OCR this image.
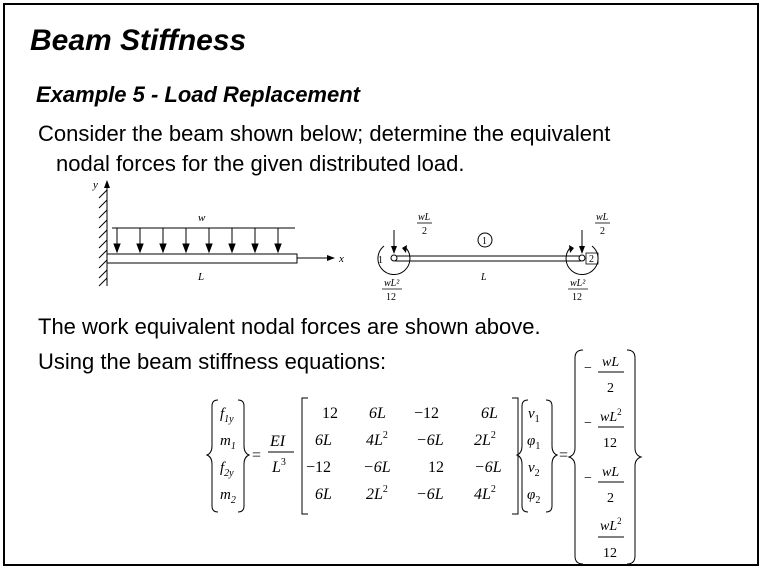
Beam Stiffness
Example 5 - Load Replacement
Consider the beam shown below; determine the equivalent
nodal forces for the given distributed load.
y
x
w
L
1	2
1
L
wL
2
wL
2
wL²
12
wL²
12
The work equivalent nodal forces are shown above.
Using the beam stiffness equations:
$f_{1y}$
$m_1$
$f_{2y}$
$m_2$
=
EI
$L^3$
12 6L −12	6L
6L $4L^2 -6L$ $2L^2$
−12 −6L 12 −6L
6L $2L^2 -6L$ $4L^2$
$v_1$
$\varphi_1$
$v_2$
$\varphi_2$
=
− wL
2
− $wL^2$
12
− wL
2
$wL^2$
12
